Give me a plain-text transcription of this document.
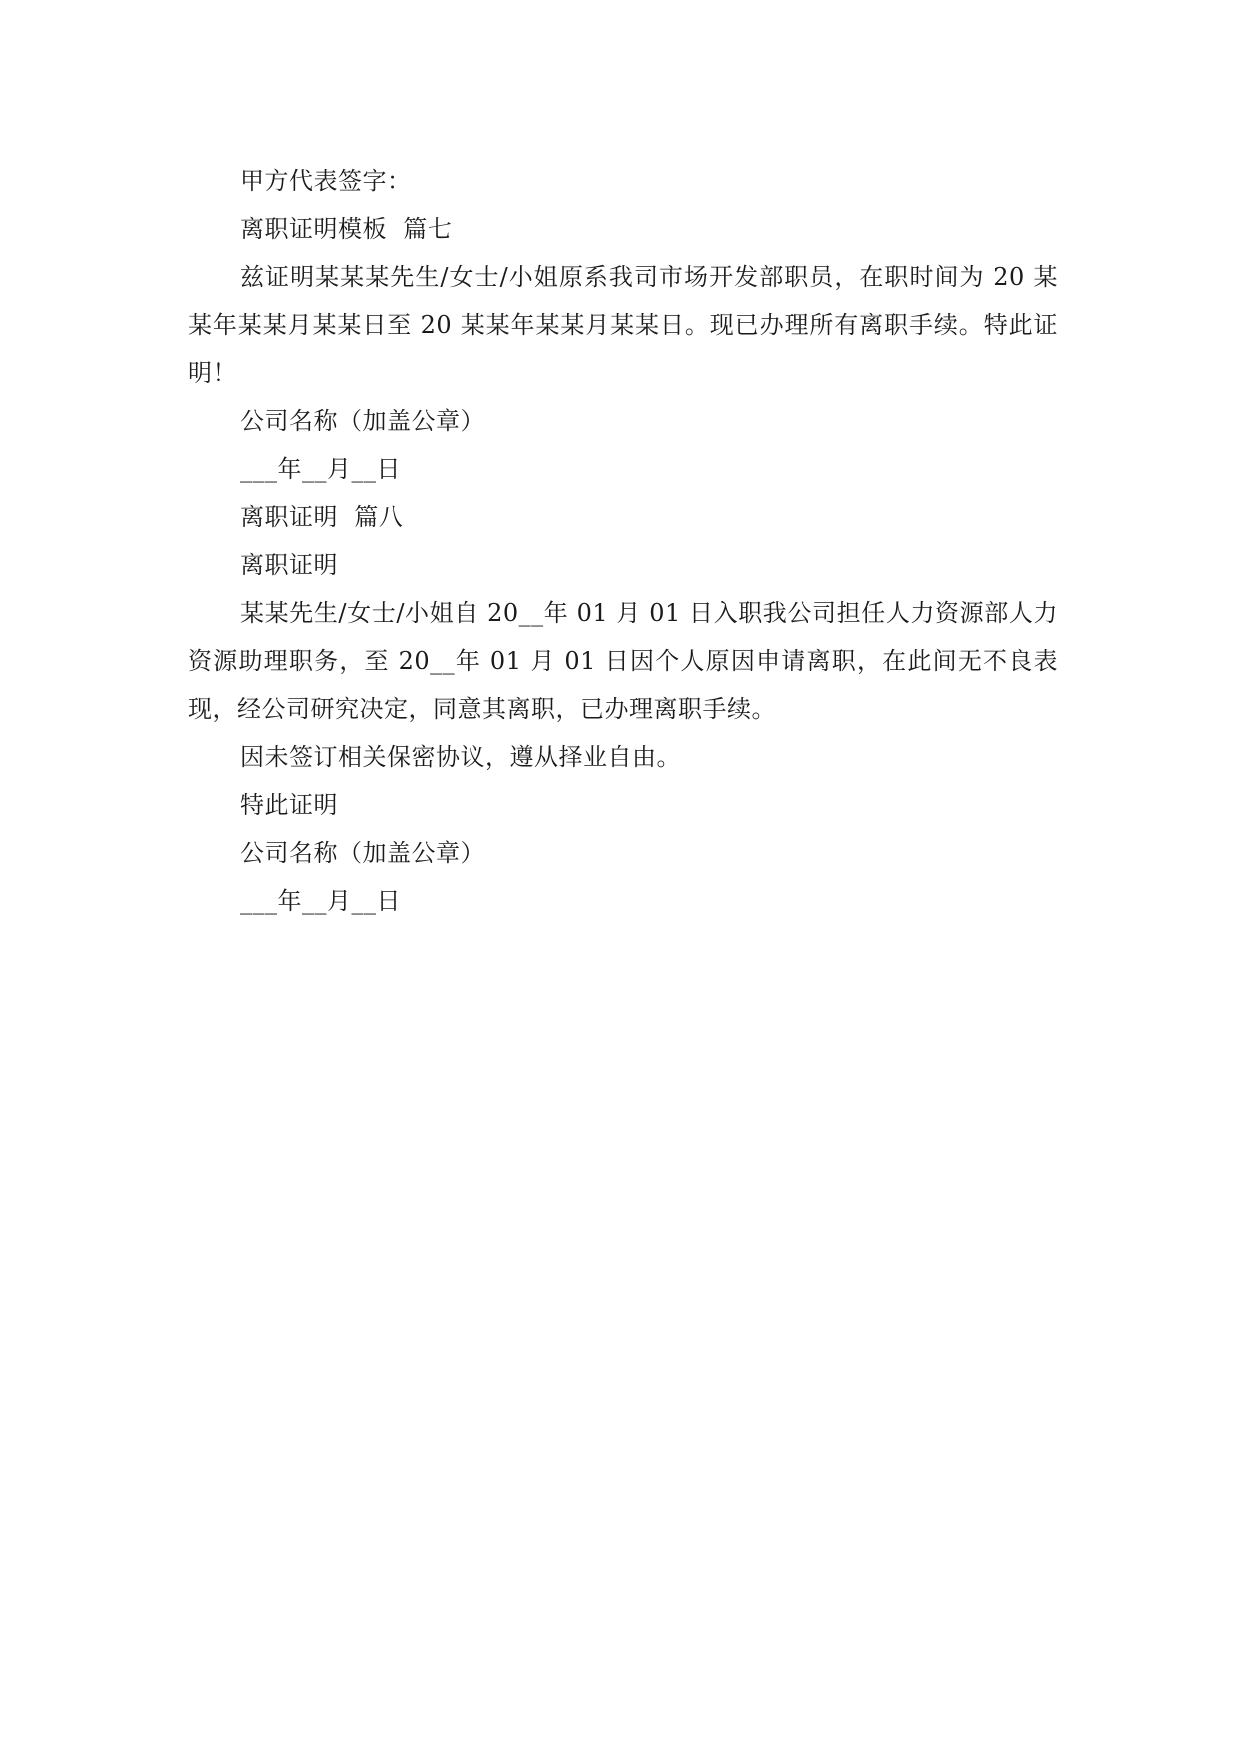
甲方代表签字：

离职证明模板  篇七

兹证明某某某先生/女士/小姐原系我司市场开发部职员，在职时间为 20 某某年某某月某某日至 20 某某年某某月某某日。现已办理所有离职手续。特此证明！

公司名称（加盖公章）

___年__月__日

离职证明  篇八

离职证明

某某先生/女士/小姐自 20__年 01 月 01 日入职我公司担任人力资源部人力资源助理职务，至 20__年 01 月 01 日因个人原因申请离职，在此间无不良表现，经公司研究决定，同意其离职，已办理离职手续。

因未签订相关保密协议，遵从择业自由。

特此证明

公司名称（加盖公章）

___年__月__日
